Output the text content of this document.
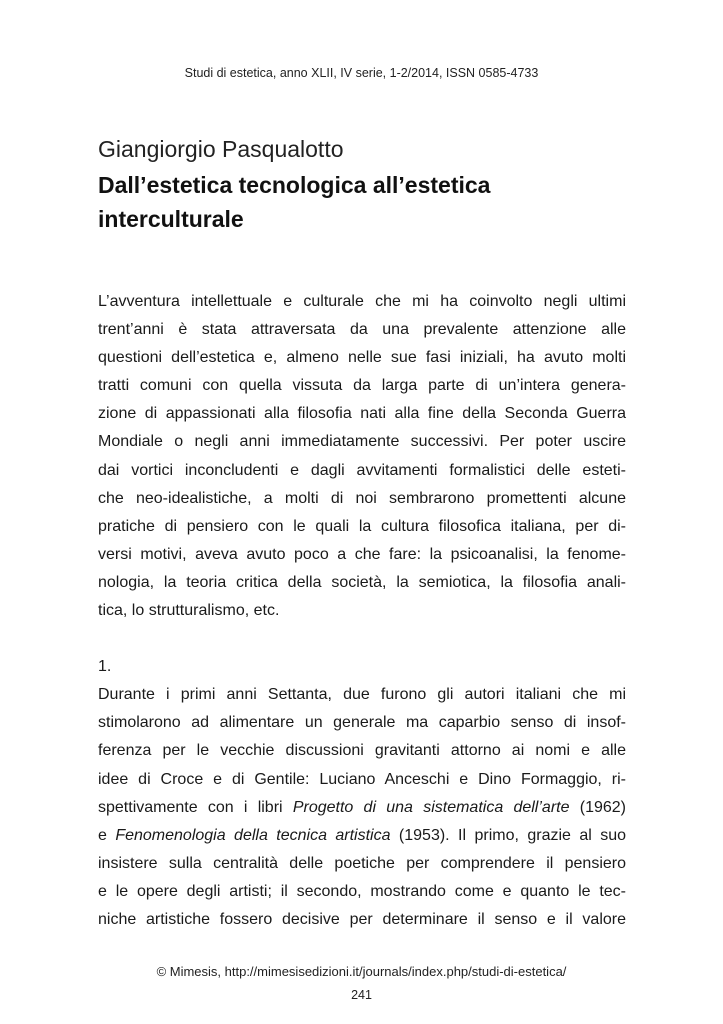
Studi di estetica, anno XLII, IV serie, 1-2/2014, ISSN 0585-4733
Giangiorgio Pasqualotto
Dall’estetica tecnologica all’estetica
interculturale
L’avventura intellettuale e culturale che mi ha coinvolto negli ultimi
trent’anni è stata attraversata da una prevalente attenzione alle
questioni dell’estetica e, almeno nelle sue fasi iniziali, ha avuto molti
tratti comuni con quella vissuta da larga parte di un’intera genera-
zione di appassionati alla filosofia nati alla fine della Seconda Guerra
Mondiale o negli anni immediatamente successivi. Per poter uscire
dai vortici inconcludenti e dagli avvitamenti formalistici delle esteti-
che neo-idealistiche, a molti di noi sembrarono promettenti alcune
pratiche di pensiero con le quali la cultura filosofica italiana, per di-
versi motivi, aveva avuto poco a che fare: la psicoanalisi, la fenome-
nologia, la teoria critica della società, la semiotica, la filosofia anali-
tica, lo strutturalismo, etc.
1.
Durante i primi anni Settanta, due furono gli autori italiani che mi
stimolarono ad alimentare un generale ma caparbio senso di insof-
ferenza per le vecchie discussioni gravitanti attorno ai nomi e alle
idee di Croce e di Gentile: Luciano Anceschi e Dino Formaggio, ri-
spettivamente con i libri Progetto di una sistematica dell’arte (1962)
e Fenomenologia della tecnica artistica (1953). Il primo, grazie al suo
insistere sulla centralità delle poetiche per comprendere il pensiero
e le opere degli artisti; il secondo, mostrando come e quanto le tec-
niche artistiche fossero decisive per determinare il senso e il valore
© Mimesis, http://mimesisedizioni.it/journals/index.php/studi-di-estetica/
241
